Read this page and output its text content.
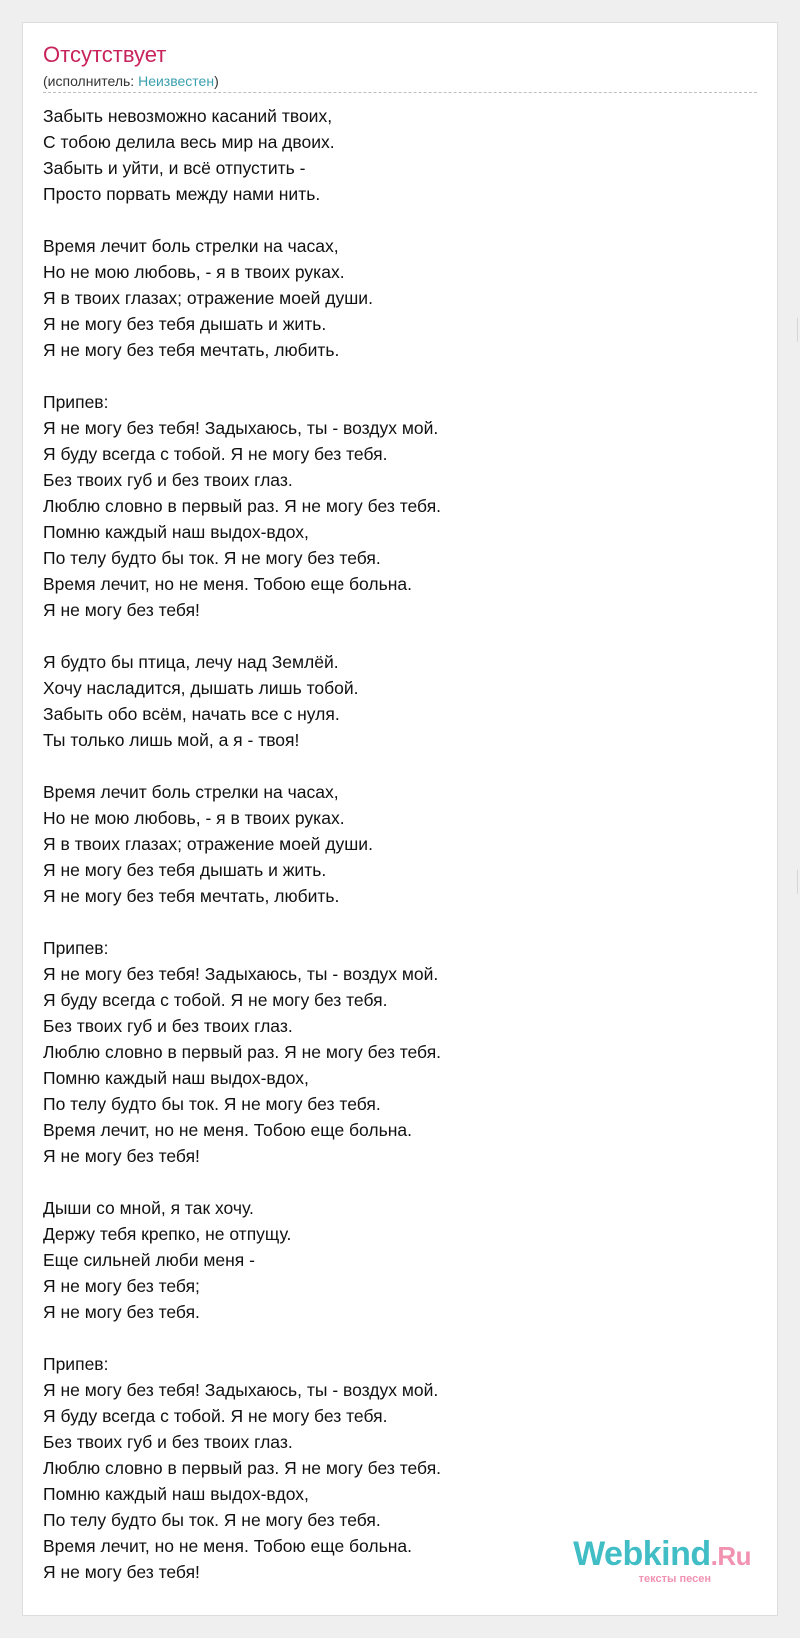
Отсутствует
(исполнитель: Неизвестен)
Забыть невозможно касаний твоих,
С тобою делила весь мир на двоих.
Забыть и уйти, и всё отпустить -
Просто порвать между нами нить.

Время лечит боль стрелки на часах,
Но не мою любовь, - я в твоих руках.
Я в твоих глазах; отражение моей души.
Я не могу без тебя дышать и жить.
Я не могу без тебя мечтать, любить.

Припев:
Я не могу без тебя! Задыхаюсь, ты - воздух мой.
Я буду всегда с тобой. Я не могу без тебя.
Без твоих губ и без твоих глаз.
Люблю словно в первый раз. Я не могу без тебя.
Помню каждый наш выдох-вдох,
По телу будто бы ток. Я не могу без тебя.
Время лечит, но не меня. Тобою еще больна.
Я не могу без тебя!

Я будто бы птица, лечу над Землёй.
Хочу насладится, дышать лишь тобой.
Забыть обо всём, начать все с нуля.
Ты только лишь мой, а я - твоя!

Время лечит боль стрелки на часах,
Но не мою любовь, - я в твоих руках.
Я в твоих глазах; отражение моей души.
Я не могу без тебя дышать и жить.
Я не могу без тебя мечтать, любить.

Припев:
Я не могу без тебя! Задыхаюсь, ты - воздух мой.
Я буду всегда с тобой. Я не могу без тебя.
Без твоих губ и без твоих глаз.
Люблю словно в первый раз. Я не могу без тебя.
Помню каждый наш выдох-вдох,
По телу будто бы ток. Я не могу без тебя.
Время лечит, но не меня. Тобою еще больна.
Я не могу без тебя!

Дыши со мной, я так хочу.
Держу тебя крепко, не отпущу.
Еще сильней люби меня -
Я не могу без тебя;
Я не могу без тебя.

Припев:
Я не могу без тебя! Задыхаюсь, ты - воздух мой.
Я буду всегда с тобой. Я не могу без тебя.
Без твоих губ и без твоих глаз.
Люблю словно в первый раз. Я не могу без тебя.
Помню каждый наш выдох-вдох,
По телу будто бы ток. Я не могу без тебя.
Время лечит, но не меня. Тобою еще больна.
Я не могу без тебя!	Webkind.Ru
тексты песен
